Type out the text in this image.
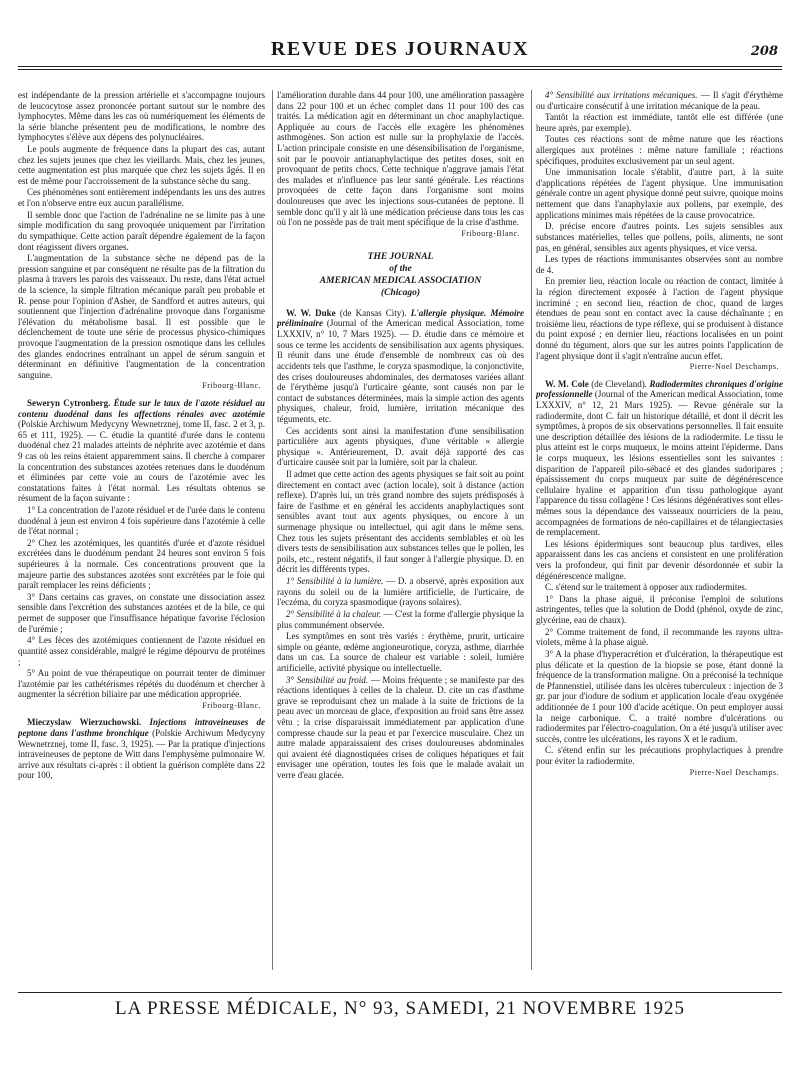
REVUE DES JOURNAUX	208

est indépendante de la pression artérielle et s'accompagne toujours de leucocytose assez prononcée portant surtout sur le nombre des lymphocytes. Même dans les cas où numériquement les éléments de la série blanche présentent peu de modifications, le nombre des lymphocytes s'élève aux dépens des polynucléaires.

Le pouls augmente de fréquence dans la plupart des cas, autant chez les sujets jeunes que chez les vieillards. Mais, chez les jeunes, cette augmentation est plus marquée que chez les sujets âgés. Il en est de même pour l'accroissement de la substance sèche du sang.

Ces phénomènes sont entièrement indépendants les uns des autres et l'on n'observe entre eux aucun parallélisme.

Il semble donc que l'action de l'adrénaline ne se limite pas à une simple modification du sang provoquée uniquement par l'irritation du sympathique. Cette action paraît dépendre également de la façon dont réagissent divers organes.

L'augmentation de la substance sèche ne dépend pas de la pression sanguine et par conséquent ne résulte pas de la filtration du plasma à travers les parois des vaisseaux. Du reste, dans l'état actuel de la science, la simple filtration mécanique paraît peu probable et R. pense pour l'opinion d'Asher, de Sandford et autres auteurs, qui soutiennent que l'injection d'adrénaline provoque dans l'organisme l'élévation du métabolisme basal. Il est possible que le déclenchement de toute une série de processus physico-chimiques provoque l'augmentation de la pression osmotique dans les cellules des glandes endocrines entraînant un appel de sérum sanguin et déterminant en définitive l'augmentation de la concentration sanguine.

Fribourg-Blanc.

Seweryn Cytronberg. Étude sur le taux de l'azote résiduel au contenu duodénal dans les affections rénales avec azotémie (Polskie Archiwum Medycyny Wewnetrznej, tome II, fasc. 2 et 3, p. 65 et 111, 1925). — C. étudie la quantité d'urée dans le contenu duodénal chez 21 malades atteints de néphrite avec azotémie et dans 9 cas où les reins étaient apparemment sains. Il cherche à comparer la concentration des substances azotées retenues dans le duodénum et éliminées par cette voie au cours de l'azotémie avec les constatations faites à l'état normal. Les résultats obtenus se résument de la façon suivante :

1° La concentration de l'azote résiduel et de l'urée dans le contenu duodénal à jeun est environ 4 fois supérieure dans l'azotémie à celle de l'état normal ;

2° Chez les azotémiques, les quantités d'urée et d'azote résiduel excrétées dans le duodénum pendant 24 heures sont environ 5 fois supérieures à la normale. Ces concentrations prouvent que la majeure partie des substances azotées sont excrétées par le foie qui paraît remplacer les reins déficients ;

3° Dans certains cas graves, on constate une dissociation assez sensible dans l'excrétion des substances azotées et de la bile, ce qui permet de supposer que l'insuffisance hépatique favorise l'éclosion de l'urémie ;

4° Les fèces des azotémiques contiennent de l'azote résiduel en quantité assez considérable, malgré le régime dépourvu de protéines ;

5° Au point de vue thérapeutique on pourrait tenter de diminuer l'azotémie par les cathétérismes répétés du duodénum et chercher à augmenter la sécrétion biliaire par une médication appropriée.

Fribourg-Blanc.

Mieczyslaw Wierzuchowski. Injections intraveineuses de peptone dans l'asthme bronchique (Polskie Archiwum Medycyny Wewnetrznej, tome II, fasc. 3, 1925). — Par la pratique d'injections intraveineuses de peptone de Witt dans l'emphysème pulmonaire W. arrive aux résultats ci-après : il obtient la guérison complète dans 22 pour 100,

l'amélioration durable dans 44 pour 100, une amélioration passagère dans 22 pour 100 et un échec complet dans 11 pour 100 des cas traités. La médication agit en déterminant un choc anaphylactique. Appliquée au cours de l'accès elle exagère les phénomènes asthmogènes. Son action est nulle sur la prophylaxie de l'accès. L'action principale consiste en une désensibilisation de l'organisme, soit par le pouvoir antianaphylactique des petites doses, soit en provoquant de petits chocs. Cette technique n'aggrave jamais l'état des malades et n'influence pas leur santé générale. Les réactions provoquées de cette façon dans l'organisme sont moins douloureuses que avec les injections sous-cutanées de peptone. Il semble donc qu'il y ait là une médication précieuse dans tous les cas où l'on ne possède pas de trait ment spécifique de la crise d'asthme.

Fribourg-Blanc.

THE JOURNAL
of the
AMERICAN MEDICAL ASSOCIATION
(Chicago)

W. W. Duke (de Kansas City). L'allergie physique. Mémoire préliminaire (Journal of the American medical Association, tome LXXXIV, n° 10, 7 Mars 1925). — D. étudie dans ce mémoire et sous ce terme les accidents de sensibilisation aux agents physiques. Il réunit dans une étude d'ensemble de nombreux cas où des accidents tels que l'asthme, le coryza spasmodique, la conjonctivite, des crises douloureuses abdominales, des dermatoses variées allant de l'érythème jusqu'à l'urticaire géante, sont causés non par le contact de substances déterminées, mais la simple action des agents physiques, chaleur, froid, lumière, irritation mécanique des téguments, etc.

Ces accidents sont ainsi la manifestation d'une sensibilisation particulière aux agents physiques, d'une véritable « allergie physique ». Antérieurement, D. avait déjà rapporté des cas d'urticaire causée soit par la lumière, soit par la chaleur.

Il admet que cette action des agents physiques se fait soit au point directement en contact avec (action locale), soit à distance (action reflexe). D'après lui, un très grand nombre des sujets prédisposés à faire de l'asthme et en général les accidents anaphylactiques sont sensibles avant tout aux agents physiques, ou encore à un surmenage physique ou intellectuel, qui agit dans le même sens. Chez tous les sujets présentant des accidents semblables et où les divers tests de sensibilisation aux substances telles que le pollen, les poils, etc., restent négatifs, il faut songer à l'allergie physique. D. en décrit les différents types.

1° Sensibilité à la lumière. — D. a observé, après exposition aux rayons du soleil ou de la lumière artificielle, de l'urticaire, de l'eczéma, du coryza spasmodique (rayons solaires).

2° Sensibilité à la chaleur. — C'est la forme d'allergie physique la plus communément observée.

Les symptômes en sont très variés : érythème, prurit, urticaire simple ou géante, œdème angioneurotique, coryza, asthme, diarrhée dans un cas. La source de chaleur est variable : soleil, lumière artificielle, activité physique ou intellectuelle.

3° Sensibilité au froid. — Moins fréquente ; se manifeste par des réactions identiques à celles de la chaleur. D. cite un cas d'asthme grave se reproduisant chez un malade à la suite de frictions de la peau avec un morceau de glace, d'exposition au froid sans être assez vêtu ; la crise disparaissait immédiatement par application d'une compresse chaude sur la peau et par l'exercice musculaire. Chez un autre malade apparaissaient des crises douloureuses abdominales qui avaient été diagnostiquées crises de coliques hépatiques et fait envisager une opération, toutes les fois que le malade avalait un verre d'eau glacée.

4° Sensibilité aux irritations mécaniques. — Il s'agit d'érythème ou d'urticaire consécutif à une irritation mécanique de la peau.

Tantôt la réaction est immédiate, tantôt elle est différée (une heure après, par exemple).

Toutes ces réactions sont de même nature que les réactions allergiques aux protéines : même nature familiale ; réactions spécifiques, produites exclusivement par un seul agent.

Une immunisation locale s'établit, d'autre part, à la suite d'applications répétées de l'agent physique. Une immunisation générale contre un agent physique donné peut suivre, quoique moins nettement que dans l'anaphylaxie aux pollens, par exemple, des applications minimes mais répétées de la cause provocatrice.

D. précise encore d'autres points. Les sujets sensibles aux substances matérielles, telles que pollens, poils, aliments, ne sont pas, en général, sensibles aux agents physiques, et vice versa.

Les types de réactions immunisantes observées sont au nombre de 4.

En premier lieu, réaction locale ou réaction de contact, limitée à la région directement exposée à l'action de l'agent physique incriminé ; en second lieu, réaction de choc, quand de larges étendues de peau sont en contact avec la cause déchaînante ; en troisième lieu, réactions de type réflexe, qui se produisent à distance du point exposé ; en dernier lieu, réactions localisées en un point donné du tégument, alors que sur les autres points l'application de l'agent physique dont il s'agit n'entraîne aucun effet.

Pierre-Noel Deschamps.

W. M. Cole (de Cleveland). Radiodermites chroniques d'origine professionnelle (Journal of the American medical Association, tome LXXXIV, n° 12, 21 Mars 1925). — Revue générale sur la radiodermite, dont C. fait un historique détaillé, et dont il décrit les symptômes, à propos de six observations personnelles. Il fait ensuite une description détaillée des lésions de la radiodermite. Le tissu le plus atteint est le corps muqueux, le moins atteint l'épiderme. Dans le corps muqueux, les lésions essentielles sont les suivantes : disparition de l'appareil pilo-sébacé et des glandes sudoripares ; épaississement du corps muqueux par suite de dégénérescence cellulaire hyaline et apparition d'un tissu pathologique ayant l'apparence du tissu collagène ! Ces lésions dégénératives sont elles-mêmes sous la dépendance des vaisseaux nourriciers de la peau, accompagnées de formations de néo-capillaires et de télangiectasies de remplacement.

Les lésions épidermiques sont beaucoup plus tardives, elles apparaissent dans les cas anciens et consistent en une prolifération vers la profondeur, qui finit par devenir désordonnée et subir la dégénérescence maligne.

C. s'étend sur le traitement à opposer aux radiodermites.

1° Dans la phase aiguë, il préconise l'emploi de solutions astringentes, telles que la solution de Dodd (phénol, oxyde de zinc, glycérine, eau de chaux).

2° Comme traitement de fond, il recommande les rayons ultra-violets, même à la phase aiguë.

3° A la phase d'hyperacrétion et d'ulcération, la thérapeutique est plus délicate et la question de la biopsie se pose, étant donné la fréquence de la transformation maligne. On a préconisé la technique de Pfannenstiel, utilisée dans les ulcères tuberculeux : injection de 3 gr. par jour d'iodure de sodium et application locale d'eau oxygénée additionnée de 1 pour 100 d'acide acétique. On peut employer aussi la neige carbonique. C. a traité nombre d'ulcérations ou radiodermites par l'électro-coagulation. On a été jusqu'à utiliser avec succès, contre les ulcérations, les rayons X et le radium.

C. s'étend enfin sur les précautions prophylactiques à prendre pour éviter la radiodermite.

Pierre-Noel Deschamps.

LA PRESSE MÉDICALE, N° 93, SAMEDI, 21 NOVEMBRE 1925
